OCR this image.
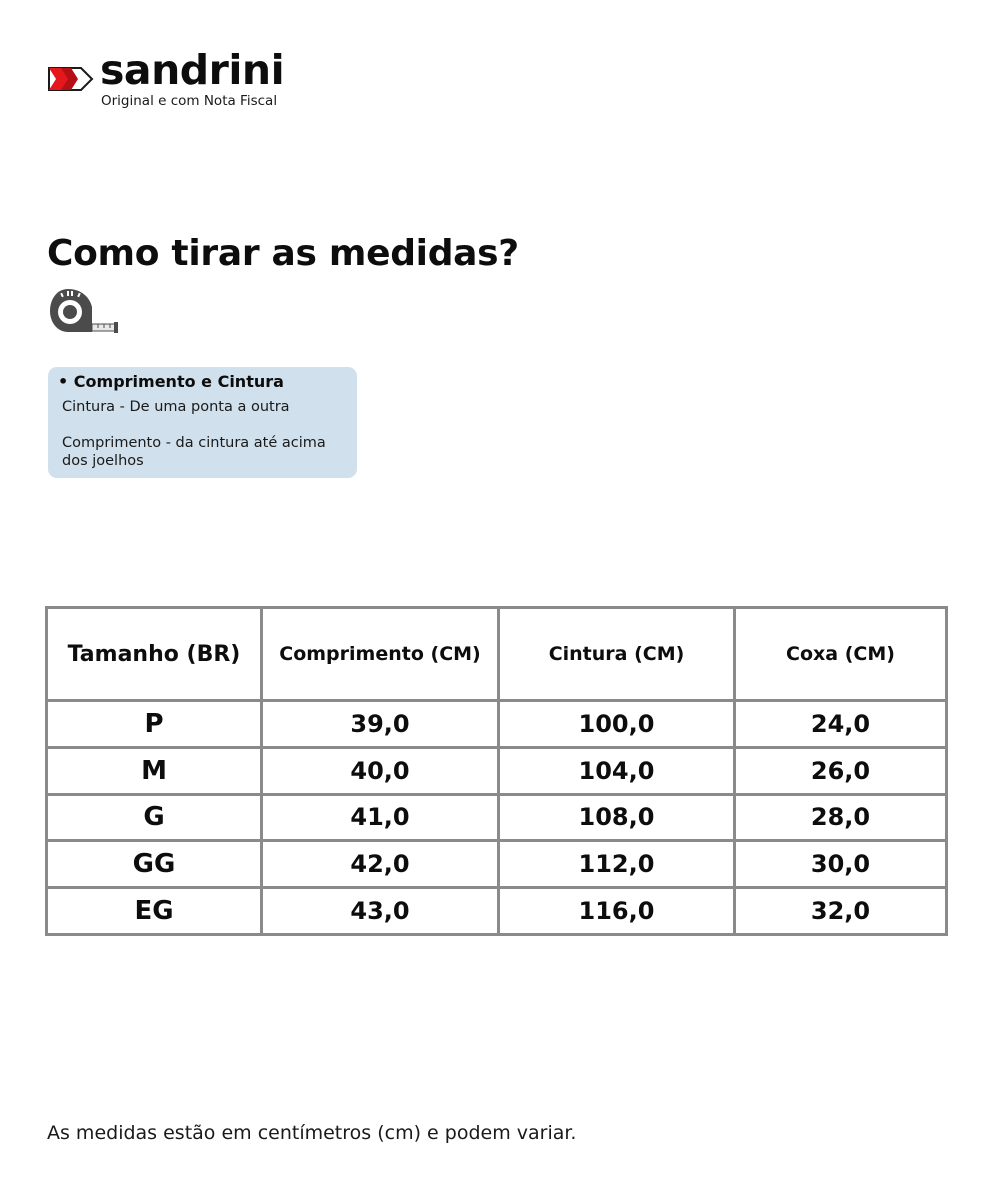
sandrini
Original e com Nota Fiscal
Como tirar as medidas?
• Comprimento e Cintura
Cintura - De uma ponta a outra
Comprimento - da cintura até acima dos joelhos
Tamanho (BR)	Comprimento (CM)	Cintura (CM)	Coxa (CM)
P	39,0	100,0	24,0
M	40,0	104,0	26,0
G	41,0	108,0	28,0
GG	42,0	112,0	30,0
EG	43,0	116,0	32,0
As medidas estão em centímetros (cm) e podem variar.
